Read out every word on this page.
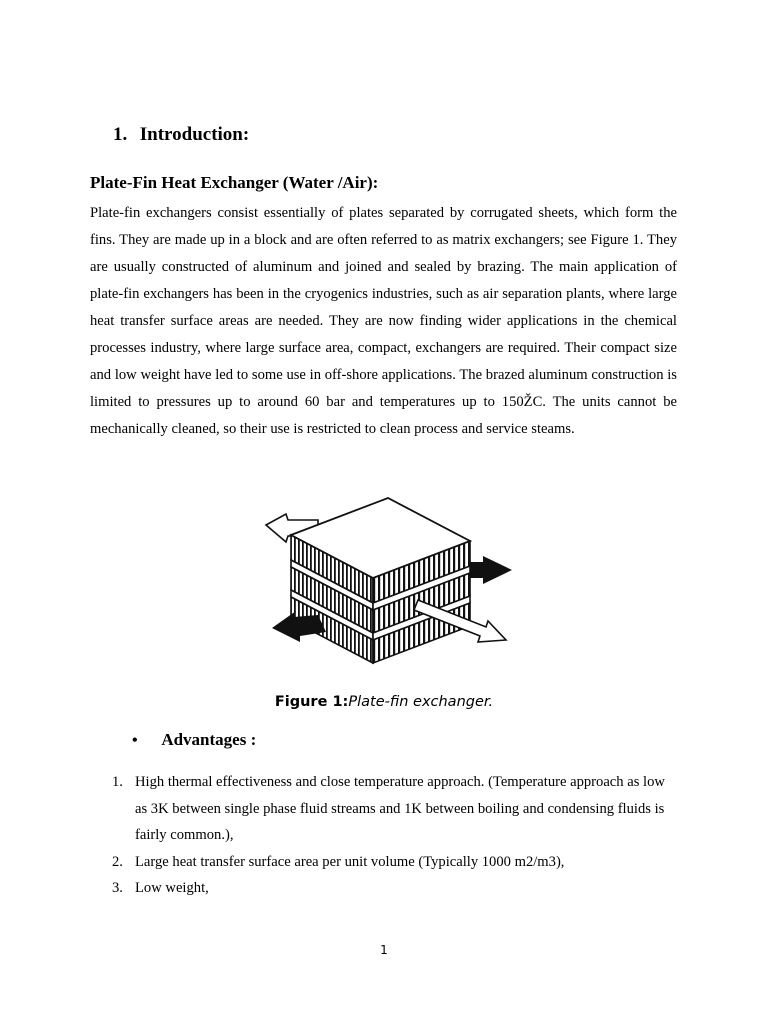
1. Introduction:
Plate-Fin Heat Exchanger (Water /Air):
Plate-fin exchangers consist essentially of plates separated by corrugated sheets, which form the fins. They are made up in a block and are often referred to as matrix exchangers; see Figure 1. They are usually constructed of aluminum and joined and sealed by brazing. The main application of plate-fin exchangers has been in the cryogenics industries, such as air separation plants, where large heat transfer surface areas are needed. They are now finding wider applications in the chemical processes industry, where large surface area, compact, exchangers are required. Their compact size and low weight have led to some use in off-shore applications. The brazed aluminum construction is limited to pressures up to around 60 bar and temperatures up to 150ŽC. The units cannot be mechanically cleaned, so their use is restricted to clean process and service steams.
Figure 1:Plate-fin exchanger.
• Advantages :
1. High thermal effectiveness and close temperature approach. (Temperature approach as low as 3K between single phase fluid streams and 1K between boiling and condensing fluids is fairly common.),
2. Large heat transfer surface area per unit volume (Typically 1000 m2/m3),
3. Low weight,
1
